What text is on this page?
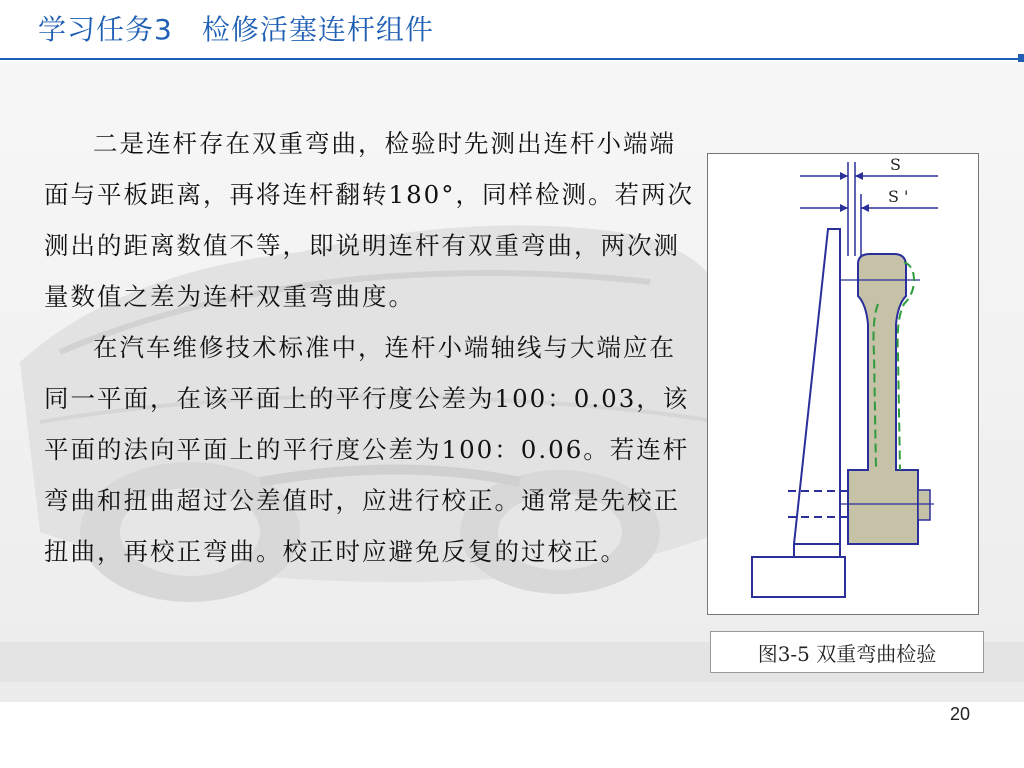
学习任务3　检修活塞连杆组件

二是连杆存在双重弯曲，检验时先测出连杆小端端面与平板距离，再将连杆翻转180°，同样检测。若两次测出的距离数值不等，即说明连杆有双重弯曲，两次测量数值之差为连杆双重弯曲度。

在汽车维修技术标准中，连杆小端轴线与大端应在同一平面，在该平面上的平行度公差为100：0.03，该平面的法向平面上的平行度公差为100：0.06。若连杆弯曲和扭曲超过公差值时，应进行校正。通常是先校正扭曲，再校正弯曲。校正时应避免反复的过校正。

S
S '
图3-5 双重弯曲检验
20
